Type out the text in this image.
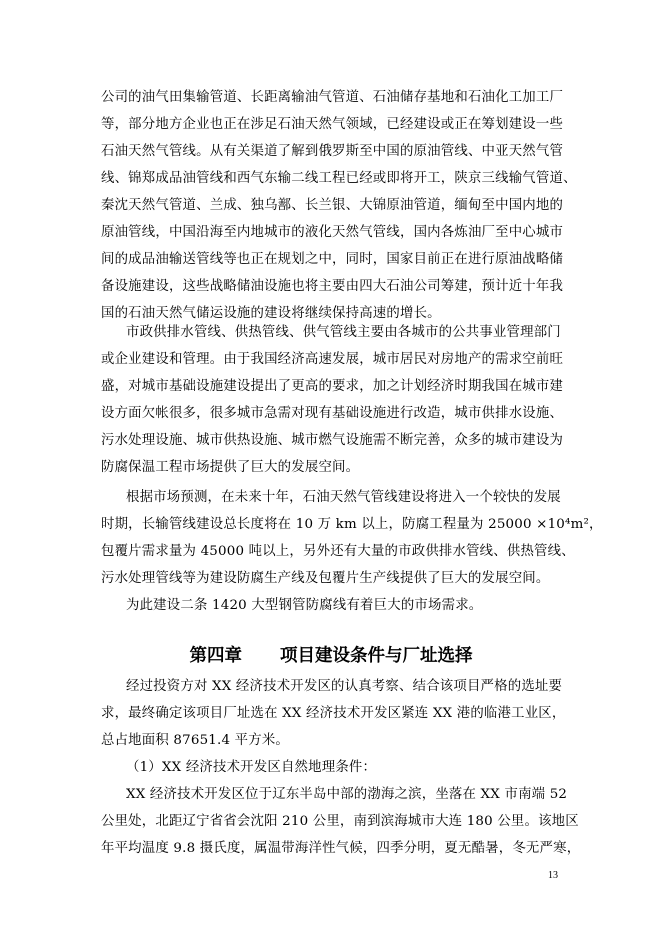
公司的油气田集输管道、长距离输油气管道、石油储存基地和石油化工加工厂
等，部分地方企业也正在涉足石油天然气领域，已经建设或正在筹划建设一些
石油天然气管线。从有关渠道了解到俄罗斯至中国的原油管线、中亚天然气管
线、锦郑成品油管线和西气东输二线工程已经或即将开工，陕京三线输气管道、
秦沈天然气管道、兰成、独乌鄯、长兰银、大锦原油管道，缅甸至中国内地的
原油管线，中国沿海至内地城市的液化天然气管线，国内各炼油厂至中心城市
间的成品油输送管线等也正在规划之中，同时，国家目前正在进行原油战略储
备设施建设，这些战略储油设施也将主要由四大石油公司筹建，预计近十年我
国的石油天然气储运设施的建设将继续保持高速的增长。
市政供排水管线、供热管线、供气管线主要由各城市的公共事业管理部门
或企业建设和管理。由于我国经济高速发展，城市居民对房地产的需求空前旺
盛，对城市基础设施建设提出了更高的要求，加之计划经济时期我国在城市建
设方面欠帐很多，很多城市急需对现有基础设施进行改造，城市供排水设施、
污水处理设施、城市供热设施、城市燃气设施需不断完善，众多的城市建设为
防腐保温工程市场提供了巨大的发展空间。
根据市场预测，在未来十年，石油天然气管线建设将进入一个较快的发展
时期，长输管线建设总长度将在 10 万 km 以上，防腐工程量为 25000 ×10⁴m²，
包覆片需求量为 45000 吨以上，另外还有大量的市政供排水管线、供热管线、
污水处理管线等为建设防腐生产线及包覆片生产线提供了巨大的发展空间。
为此建设二条 1420 大型钢管防腐线有着巨大的市场需求。
第四章 项目建设条件与厂址选择
经过投资方对 XX 经济技术开发区的认真考察、结合该项目严格的选址要
求，最终确定该项目厂址选在 XX 经济技术开发区紧连 XX 港的临港工业区，
总占地面积 87651.4 平方米。
（1）XX 经济技术开发区自然地理条件：
XX 经济技术开发区位于辽东半岛中部的渤海之滨，坐落在 XX 市南端 52
公里处，北距辽宁省省会沈阳 210 公里，南到滨海城市大连 180 公里。该地区
年平均温度 9.8 摄氏度，属温带海洋性气候，四季分明，夏无酷暑，冬无严寒，
13
